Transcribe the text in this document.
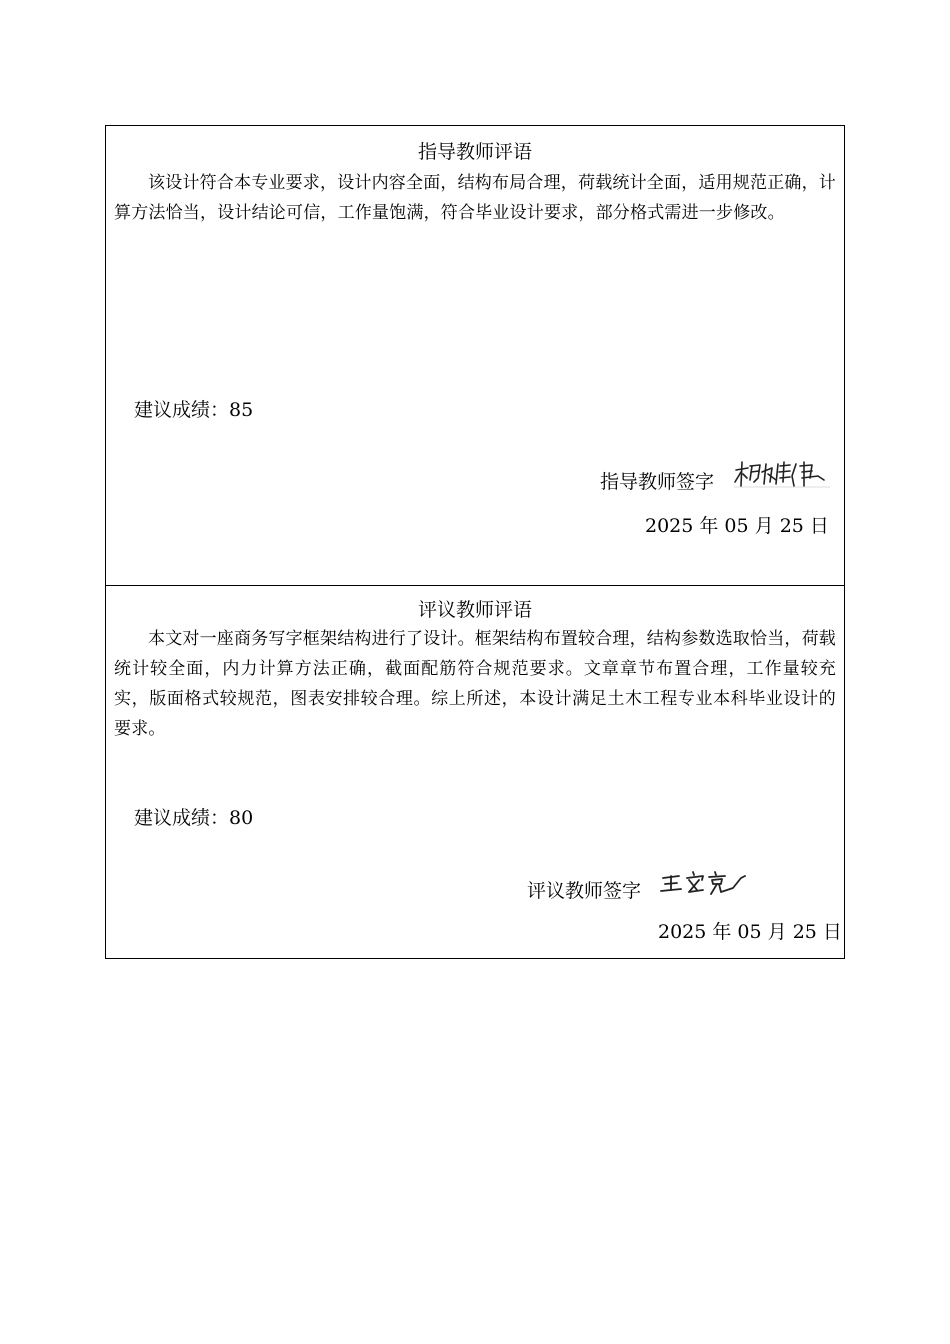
指导教师评语
该设计符合本专业要求，设计内容全面，结构布局合理，荷载统计全面，适用规范正确，计算方法恰当，设计结论可信，工作量饱满，符合毕业设计要求，部分格式需进一步修改。
建议成绩：85
指导教师签字
2025 年 05 月 25 日
评议教师评语
本文对一座商务写字框架结构进行了设计。框架结构布置较合理，结构参数选取恰当，荷载统计较全面，内力计算方法正确，截面配筋符合规范要求。文章章节布置合理，工作量较充实，版面格式较规范，图表安排较合理。综上所述，本设计满足土木工程专业本科毕业设计的要求。
建议成绩：80
评议教师签字
2025 年 05 月 25 日
